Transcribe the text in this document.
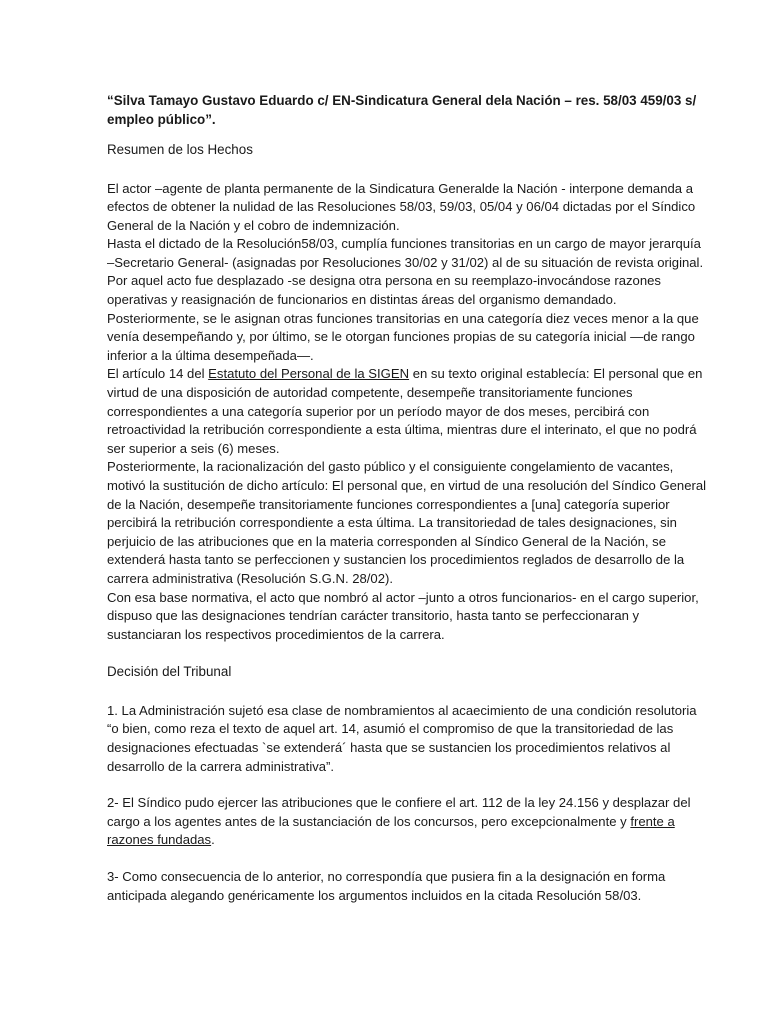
“Silva Tamayo Gustavo Eduardo c/ EN-Sindicatura General dela Nación – res. 58/03 459/03 s/ empleo público”.

Resumen de los Hechos

El actor –agente de planta permanente de la Sindicatura Generalde la Nación - interpone demanda a efectos de obtener la nulidad de las Resoluciones 58/03, 59/03, 05/04 y 06/04 dictadas por el Síndico General de la Nación y el cobro de indemnización.

Hasta el dictado de la Resolución58/03, cumplía funciones transitorias en un cargo de mayor jerarquía –Secretario General- (asignadas por Resoluciones 30/02 y 31/02) al de su situación de revista original. Por aquel acto fue desplazado -se designa otra persona en su reemplazo-invocándose razones operativas y reasignación de funcionarios en distintas áreas del organismo demandado.

Posteriormente, se le asignan otras funciones transitorias en una categoría diez veces menor a la que venía desempeñando y, por último, se le otorgan funciones propias de su categoría inicial —de rango inferior a la última desempeñada—.

El artículo 14 del Estatuto del Personal de la SIGEN en su texto original establecía: El personal que en virtud de una disposición de autoridad competente, desempeñe transitoriamente funciones correspondientes a una categoría superior por un período mayor de dos meses, percibirá con retroactividad la retribución correspondiente a esta última, mientras dure el interinato, el que no podrá ser superior a seis (6) meses.

Posteriormente, la racionalización del gasto público y el consiguiente congelamiento de vacantes, motivó la sustitución de dicho artículo: El personal que, en virtud de una resolución del Síndico General de la Nación, desempeñe transitoriamente funciones correspondientes a [una] categoría superior percibirá la retribución correspondiente a esta última. La transitoriedad de tales designaciones, sin perjuicio de las atribuciones que en la materia corresponden al Síndico General de la Nación, se extenderá hasta tanto se perfeccionen y sustancien los procedimientos reglados de desarrollo de la carrera administrativa (Resolución S.G.N. 28/02).

Con esa base normativa, el acto que nombró al actor –junto a otros funcionarios- en el cargo superior, dispuso que las designaciones tendrían carácter transitorio, hasta tanto se perfeccionaran y sustanciaran los respectivos procedimientos de la carrera.

Decisión del Tribunal

1. La Administración sujetó esa clase de nombramientos al acaecimiento de una condición resolutoria “o bien, como reza el texto de aquel art. 14, asumió el compromiso de que la transitoriedad de las designaciones efectuadas `se extenderá´ hasta que se sustancien los procedimientos relativos al desarrollo de la carrera administrativa”.

2- El Síndico pudo ejercer las atribuciones que le confiere el art. 112 de la ley 24.156 y desplazar del cargo a los agentes antes de la sustanciación de los concursos, pero excepcionalmente y frente a razones fundadas.

3- Como consecuencia de lo anterior, no correspondía que pusiera fin a la designación en forma anticipada alegando genéricamente los argumentos incluidos en la citada Resolución 58/03.
